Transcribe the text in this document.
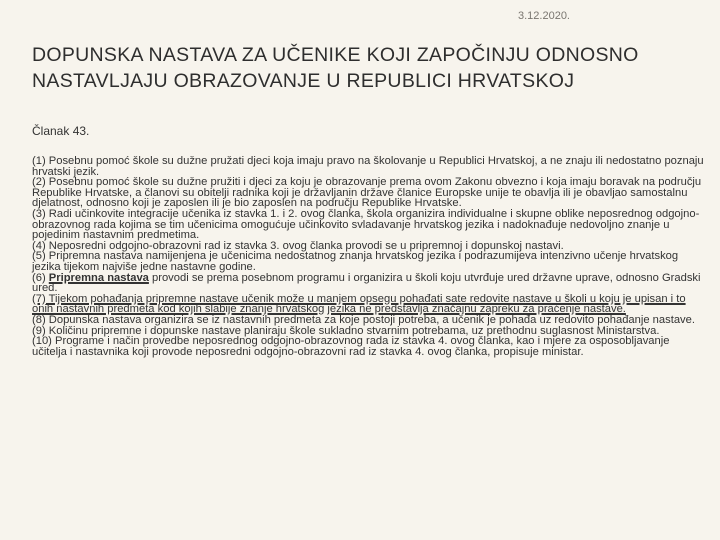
3.12.2020.
DOPUNSKA NASTAVA ZA UČENIKE KOJI ZAPOČINJU ODNOSNO NASTAVLJAJU OBRAZOVANJE U REPUBLICI HRVATSKOJ
Članak 43.

(1) Posebnu pomoć škole su dužne pružati djeci koja imaju pravo na školovanje u Republici Hrvatskoj, a ne znaju ili nedostatno poznaju hrvatski jezik.

(2) Posebnu pomoć škole su dužne pružiti i djeci za koju je obrazovanje prema ovom Zakonu obvezno i koja imaju boravak na području Republike Hrvatske, a članovi su obitelji radnika koji je državljanin države članice Europske unije te obavlja ili je obavljao samostalnu djelatnost, odnosno koji je zaposlen ili je bio zaposlen na području Republike Hrvatske.

(3) Radi učinkovite integracije učenika iz stavka 1. i 2. ovog članka, škola organizira individualne i skupne oblike neposrednog odgojno-obrazovnog rada kojima se tim učenicima omogućuje učinkovito svladavanje hrvatskog jezika i nadoknađuje nedovoljno znanje u pojedinim nastavnim predmetima.

(4) Neposredni odgojno-obrazovni rad iz stavka 3. ovog članka provodi se u pripremnoj i dopunskoj nastavi.

(5) Pripremna nastava namijenjena je učenicima nedostatnog znanja hrvatskog jezika i podrazumijeva intenzivno učenje hrvatskog jezika tijekom najviše jedne nastavne godine.

(6) Pripremna nastava provodi se prema posebnom programu i organizira u školi koju utvrđuje ured državne uprave, odnosno Gradski ured.

(7) Tijekom pohađanja pripremne nastave učenik može u manjem opsegu pohađati sate redovite nastave u školi u koju je upisan i to onih nastavnih predmeta kod kojih slabije znanje hrvatskog jezika ne predstavlja značajnu zapreku za praćenje nastave.

(8) Dopunska nastava organizira se iz nastavnih predmeta za koje postoji potreba, a učenik je pohađa uz redovito pohađanje nastave.

(9) Količinu pripremne i dopunske nastave planiraju škole sukladno stvarnim potrebama, uz prethodnu suglasnost Ministarstva.

(10) Programe i način provedbe neposrednog odgojno-obrazovnog rada iz stavka 4. ovog članka, kao i mjere za osposobljavanje učitelja i nastavnika koji provode neposredni odgojno-obrazovni rad iz stavka 4. ovog članka, propisuje ministar.
